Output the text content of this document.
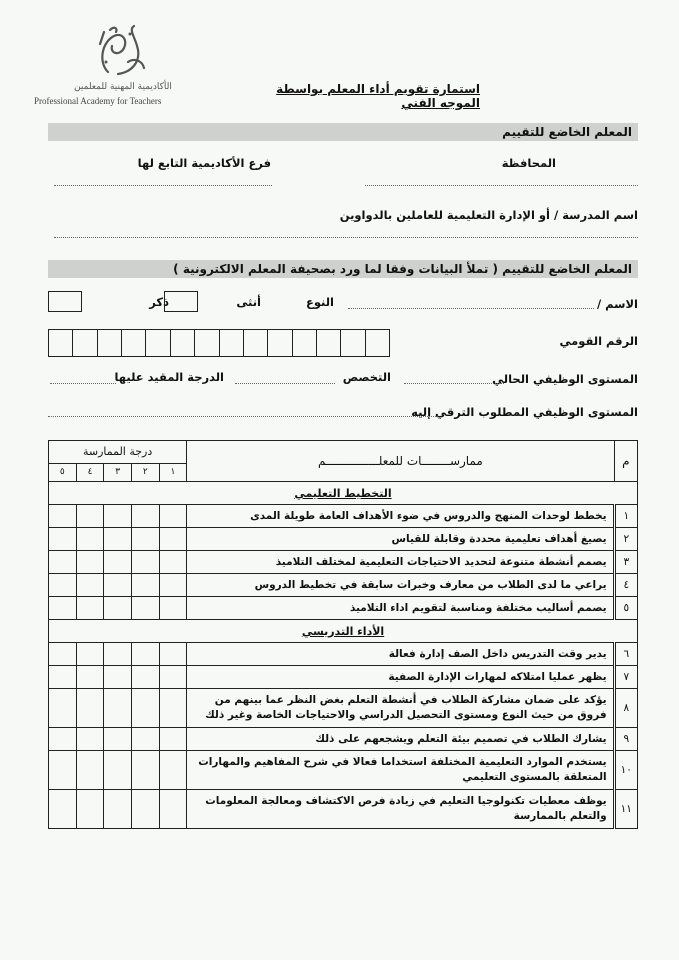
الأكاديمية المهنية للمعلمين
Professional Academy for Teachers
استمارة تقويم أداء المعلم بواسطة الموجه الفني
المعلم الخاضع للتقييم
المحافظة
فرع الأكاديمية التابع لها
اسم المدرسة / أو الإدارة التعليمية للعاملين بالدواوين
المعلم الخاضع للتقييم ( تملأ البيانات وفقا لما ورد بصحيفة المعلم الالكترونية )
الاسم /
النوع
أنثى
ذكر
الرقم القومي
المستوى الوظيفي الحالي
التخصص
الدرجة المقيد عليها
المستوى الوظيفي المطلوب الترقي إليه
م	ممارســــــــات للمعلـــــــــــــــم	درجة الممارسة				
		١	٢	٣	٤	٥
التخطيط التعليمي						
١	يخطط لوحدات المنهج والدروس في ضوء الأهداف العامة طويلة المدى					
٢	يصيغ أهداف تعليمية محددة وقابلة للقياس					
٣	يصمم أنشطة متنوعة لتحديد الاحتياجات التعليمية لمختلف التلاميذ					
٤	يراعي ما لدى الطلاب من معارف وخبرات سابقة في تخطيط الدروس					
٥	يصمم أساليب مختلفة ومناسبة لتقويم اداء التلاميذ					
الأداء التدريسي						
٦	يدير وقت التدريس داخل الصف إدارة فعالة					
٧	يظهر عمليا امتلاكه لمهارات الإدارة الصفية					
٨	يؤكد على ضمان مشاركة الطلاب في أنشطة التعلم بغض النظر عما بينهم من فروق من حيث النوع ومستوى التحصيل الدراسي والاحتياجات الخاصة وغير ذلك					
٩	يشارك الطلاب في تصميم بيئة التعلم ويشجعهم على ذلك					
١٠	يستخدم الموارد التعليمية المختلفة استخداما فعالا في شرح المفاهيم والمهارات المتعلقة بالمستوى التعليمي					
١١	يوظف معطيات تكنولوجيا التعليم في زيادة فرص الاكتشاف ومعالجة المعلومات والتعلم بالممارسة					
